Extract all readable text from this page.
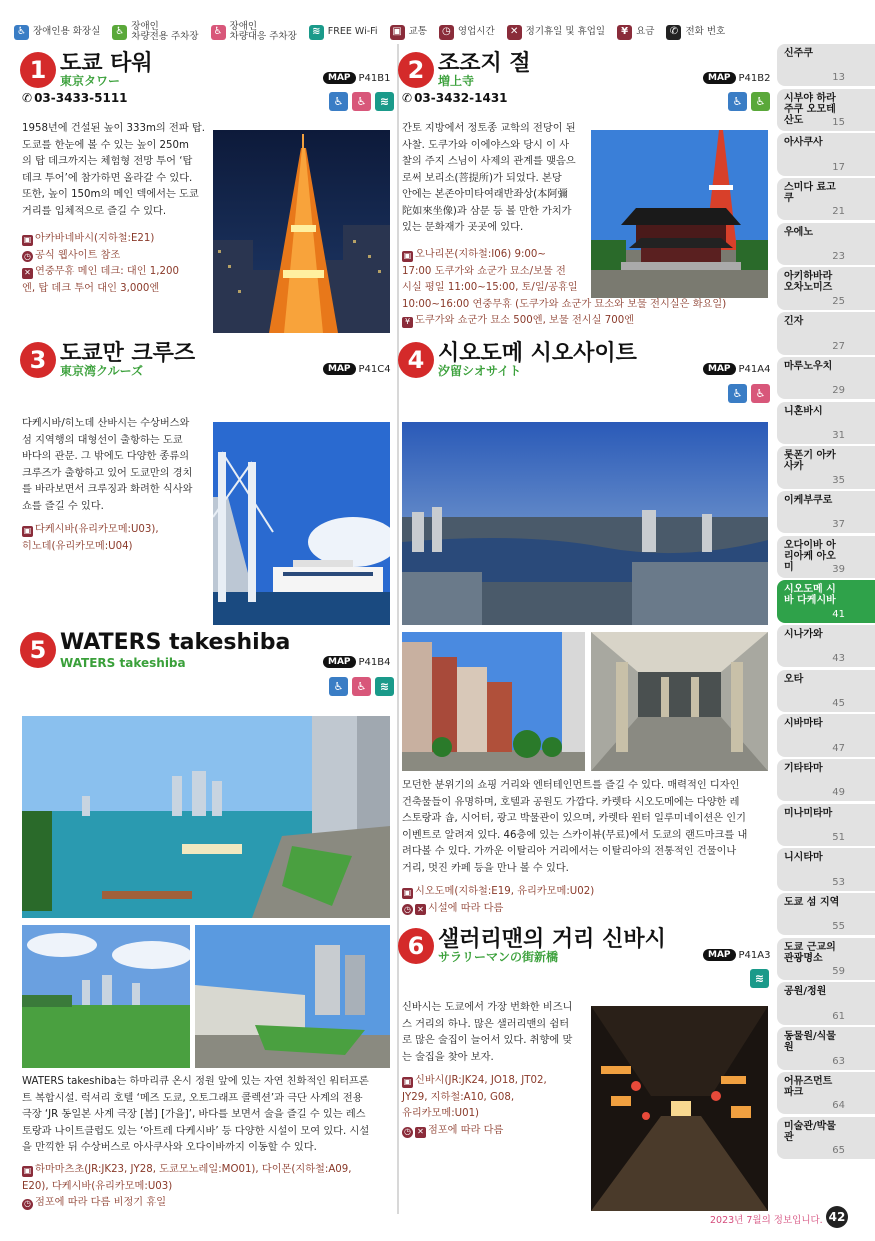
♿ 장애인용 화장실	♿ 장애인
차량전용 주차장	♿ 장애인
차량대응 주차장	≋ FREE Wi-Fi ▣ 교통	◷ 영업시간	✕ 정기휴일 및 휴업일	¥ 요금	✆ 전화 번호
1 도쿄 타워
東京タワー	MAP P41B1
✆ 03-3433-5111	♿	♿	≋
1958년에 건설된 높이 333m의 전파 탑.
도쿄를 한눈에 볼 수 있는 높이 250m
의 탑 데크까지는 체험형 전망 투어 ‘탑
데크 투어’에 참가하면 올라갈 수 있다.
또한, 높이 150m의 메인 덱에서는 도쿄
거리를 입체적으로 즐길 수 있다.
▣ 아카바네바시(지하철:E21)
◷ 공식 웹사이트 참조
✕ 연중무휴 메인 데크: 대인 1,200
엔, 탑 데크 투어 대인 3,000엔
2 조조지 절
増上寺	MAP P41B2
✆ 03-3432-1431	♿	♿
간토 지방에서 정토종 교학의 전당이 된
사찰. 도쿠가와 이에야스와 당시 이 사
찰의 주지 스님이 사제의 관계를 맺음으
로써 보리소(菩提所)가 되었다. 본당
안에는 본존아미타여래반좌상(本阿彌
陀如來坐像)과 삼문 등 볼 만한 가치가
있는 문화재가 곳곳에 있다.
▣ 오나리몬(지하철:I06) 9:00~
17:00 도쿠가와 쇼군가 묘소/보물 전
시실 평일 11:00~15:00, 토/일/공휴일
10:00~16:00 연중무휴 (도쿠가와 쇼군가 묘소와 보물 전시실은 화요일)
¥ 도쿠가와 쇼군가 묘소 500엔, 보물 전시실 700엔
3 도쿄만 크루즈
東京湾クルーズ	MAP P41C4
다케시바/히노데 산바시는 수상버스와
섬 지역행의 대형선이 출항하는 도쿄
바다의 관문. 그 밖에도 다양한 종류의
크루즈가 출항하고 있어 도쿄만의 경치
를 바라보면서 크루징과 화려한 식사와
쇼를 즐길 수 있다.
▣ 다케시바(유리카모메:U03),
히노데(유리카모메:U04)
4 시오도메 시오사이트
汐留シオサイト	MAP P41A4
♿	♿
모던한 분위기의 쇼핑 거리와 엔터테인먼트를 즐길 수 있다. 매력적인 디자인
건축물들이 유명하며, 호텔과 공원도 가깝다. 카렛타 시오도메에는 다양한 레
스토랑과 숍, 시어터, 광고 박물관이 있으며, 카렛타 윈터 일루미네이션은 인기
이벤트로 알려져 있다. 46층에 있는 스카이뷰(무료)에서 도쿄의 랜드마크를 내
려다볼 수 있다. 가까운 이탈리아 거리에서는 이탈리아의 전통적인 건물이나
거리, 멋진 카페 등을 만나 볼 수 있다.
▣ 시오도메(지하철:E19, 유리카모메:U02)
◷ ✕ 시설에 따라 다름
5 WATERS takeshiba
WATERS takeshiba	MAP P41B4
♿	♿	≋
WATERS takeshiba는 하마리큐 온시 정원 앞에 있는 자연 친화적인 워터프론
트 복합시설. 럭셔리 호텔 ‘메즈 도쿄, 오토그래프 콜렉션’과 극단 사계의 전용
극장 ‘JR 동일본 사계 극장 [봄] [가을]’, 바다를 보면서 술을 즐길 수 있는 레스
토랑과 나이트클럽도 있는 ‘아트레 다케시바’ 등 다양한 시설이 모여 있다. 시설
을 만끽한 뒤 수상버스로 아사쿠사와 오다이바까지 이동할 수 있다.
▣ 하마마츠초(JR:JK23, JY28, 도쿄모노레일:MO01), 다이몬(지하철:A09,
E20), 다케시바(유리카모메:U03)
◷ 점포에 따라 다름 비정기 휴일
6 샐러리맨의 거리 신바시
サラリーマンの街新橋	MAP P41A3
≋
신바시는 도쿄에서 가장 번화한 비즈니
스 거리의 하나. 많은 샐러리맨의 쉼터
로 많은 술집이 늘어서 있다. 취향에 맞
는 술집을 찾아 보자.
▣ 신바시(JR:JK24, JO18, JT02,
JY29, 지하철:A10, G08,
유리카모메:U01)
◷ ✕ 점포에 따라 다름
신주쿠
13
시부야 하라주쿠 오모테산도	15
아사쿠사
17
스미다 료고쿠
21
우에노
23
아키하바라 오차노미즈
25
긴자
27
마루노우치
29
니혼바시
31
롯폰기 아카사카
35
이케부쿠로
37
오다이바 아리아케 아오미	39
시오도메 시바 다케시바
41
시나가와
43
오타
45
시바마타
47
기타타마
49
미나미타마
51
니시타마
53
도쿄 섬 지역
55
도쿄 근교의 관광명소
59
공원/정원
61
동물원/식물원
63
어뮤즈먼트 파크
64
미술관/박물관
65
2023년 7월의 정보입니다. 42
